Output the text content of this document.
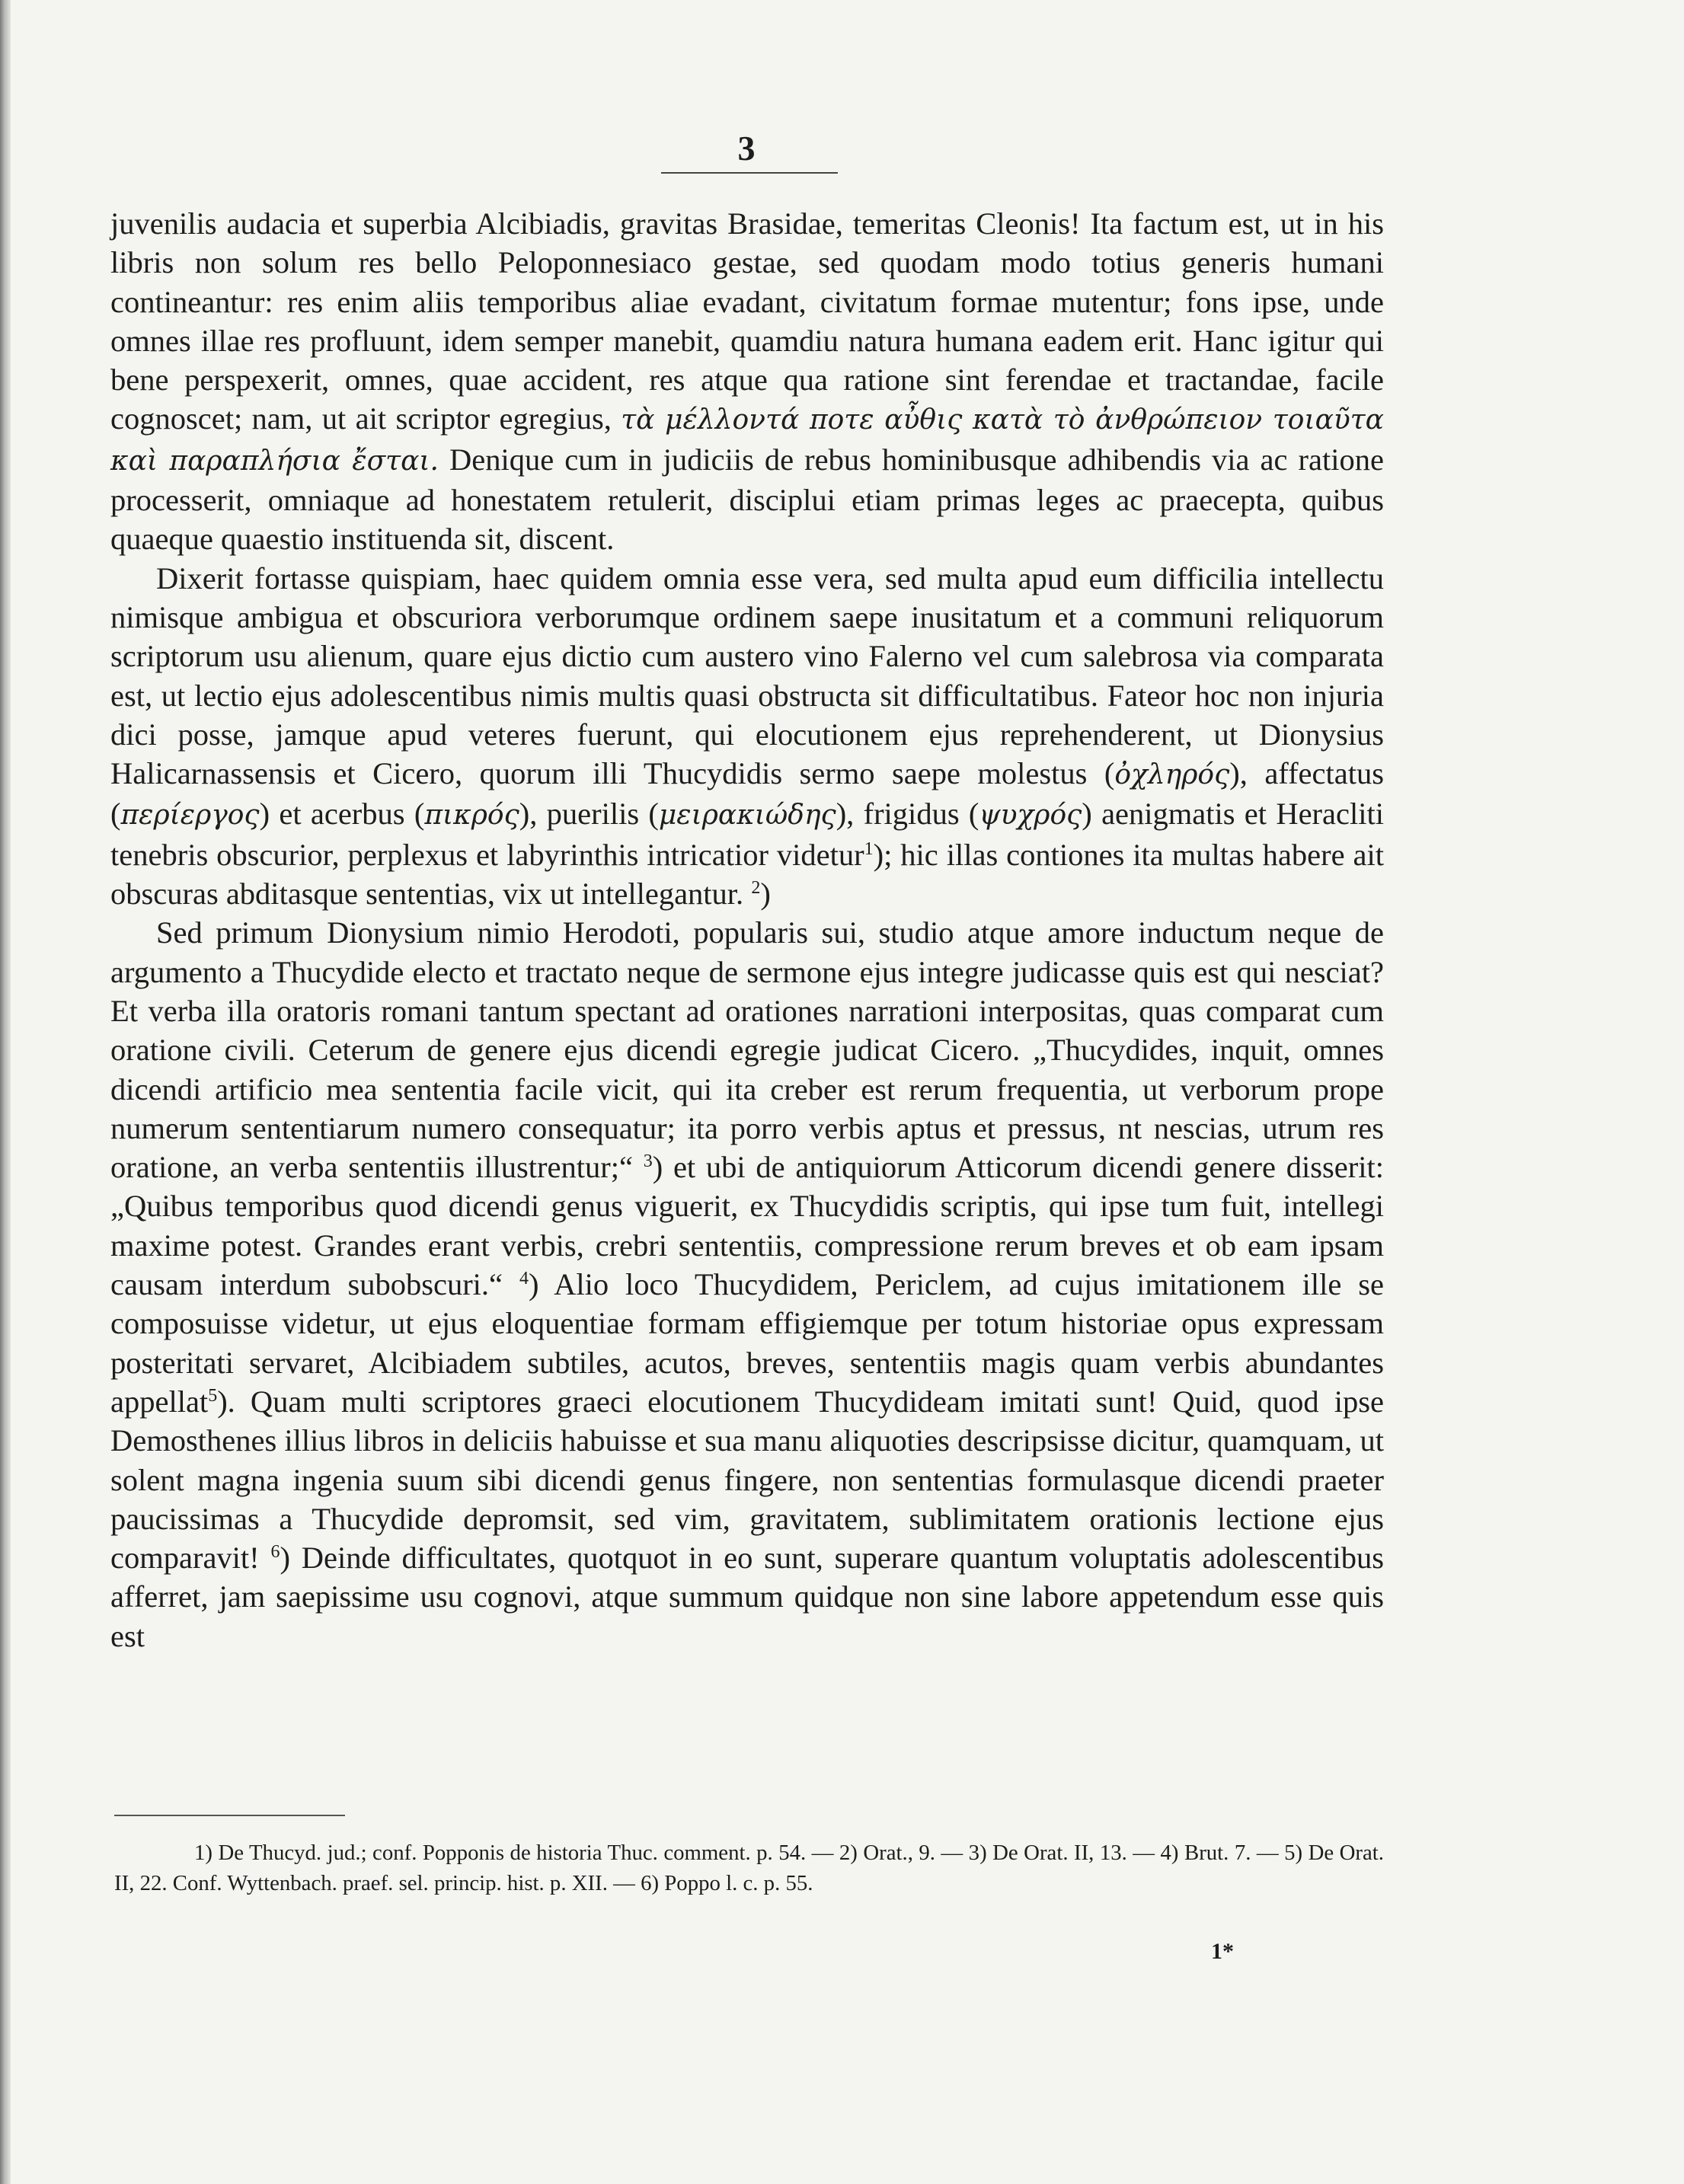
3

juvenilis audacia et superbia Alcibiadis, gravitas Brasidae, temeritas Cleonis! Ita factum est, ut in his libris non solum res bello Peloponnesiaco gestae, sed quodam modo totius generis humani contineantur: res enim aliis temporibus aliae evadant, civitatum formae mutentur; fons ipse, unde omnes illae res profluunt, idem semper manebit, quamdiu natura humana eadem erit. Hanc igitur qui bene perspexerit, omnes, quae accident, res atque qua ratione sint ferendae et tractandae, facile cognoscet; nam, ut ait scriptor egregius, τὰ μέλλοντά ποτε αὖθις κατὰ τὸ ἀνθρώπειον τοιαῦτα καὶ παραπλήσια ἔσται. Denique cum in judiciis de rebus hominibusque adhibendis via ac ratione processerit, omniaque ad honestatem retulerit, disciplui etiam primas leges ac praecepta, quibus quaeque quaestio instituenda sit, discent.

Dixerit fortasse quispiam, haec quidem omnia esse vera, sed multa apud eum difficilia intellectu nimisque ambigua et obscuriora verborumque ordinem saepe inusitatum et a communi reliquorum scriptorum usu alienum, quare ejus dictio cum austero vino Falerno vel cum salebrosa via comparata est, ut lectio ejus adolescentibus nimis multis quasi obstructa sit difficultatibus. Fateor hoc non injuria dici posse, jamque apud veteres fuerunt, qui elocutionem ejus reprehenderent, ut Dionysius Halicarnassensis et Cicero, quorum illi Thucydidis sermo saepe molestus (ὀχληρός), affectatus (περίεργος) et acerbus (πικρός), puerilis (μειρακιώδης), frigidus (ψυχρός) aenigmatis et Heracliti tenebris obscurior, perplexus et labyrinthis intricatior videtur$^1$); hic illas contiones ita multas habere ait obscuras abditasque sententias, vix ut intellegantur. $^2$)

Sed primum Dionysium nimio Herodoti, popularis sui, studio atque amore inductum neque de argumento a Thucydide electo et tractato neque de sermone ejus integre judicasse quis est qui nesciat? Et verba illa oratoris romani tantum spectant ad orationes narrationi interpositas, quas comparat cum oratione civili. Ceterum de genere ejus dicendi egregie judicat Cicero. „Thucydides, inquit, omnes dicendi artificio mea sententia facile vicit, qui ita creber est rerum frequentia, ut verborum prope numerum sententiarum numero consequatur; ita porro verbis aptus et pressus, nt nescias, utrum res oratione, an verba sententiis illustrentur;“ $^3$) et ubi de antiquiorum Atticorum dicendi genere disserit: „Quibus temporibus quod dicendi genus viguerit, ex Thucydidis scriptis, qui ipse tum fuit, intellegi maxime potest. Grandes erant verbis, crebri sententiis, compressione rerum breves et ob eam ipsam causam interdum subobscuri.“ $^4$) Alio loco Thucydidem, Periclem, ad cujus imitationem ille se composuisse videtur, ut ejus eloquentiae formam effigiemque per totum historiae opus expressam posteritati servaret, Alcibiadem subtiles, acutos, breves, sententiis magis quam verbis abundantes appellat$^5$). Quam multi scriptores graeci elocutionem Thucydideam imitati sunt! Quid, quod ipse Demosthenes illius libros in deliciis habuisse et sua manu aliquoties descripsisse dicitur, quamquam, ut solent magna ingenia suum sibi dicendi genus fingere, non sententias formulasque dicendi praeter paucissimas a Thucydide depromsit, sed vim, gravitatem, sublimitatem orationis lectione ejus comparavit! $^6$) Deinde difficultates, quotquot in eo sunt, superare quantum voluptatis adolescentibus afferret, jam saepissime usu cognovi, atque summum quidque non sine labore appetendum esse quis est

1) De Thucyd. jud.; conf. Popponis de historia Thuc. comment. p. 54. — 2) Orat., 9. — 3) De Orat. II, 13. — 4) Brut. 7. — 5) De Orat. II, 22. Conf. Wyttenbach. praef. sel. princip. hist. p. XII. — 6) Poppo l. c. p. 55.

1*
